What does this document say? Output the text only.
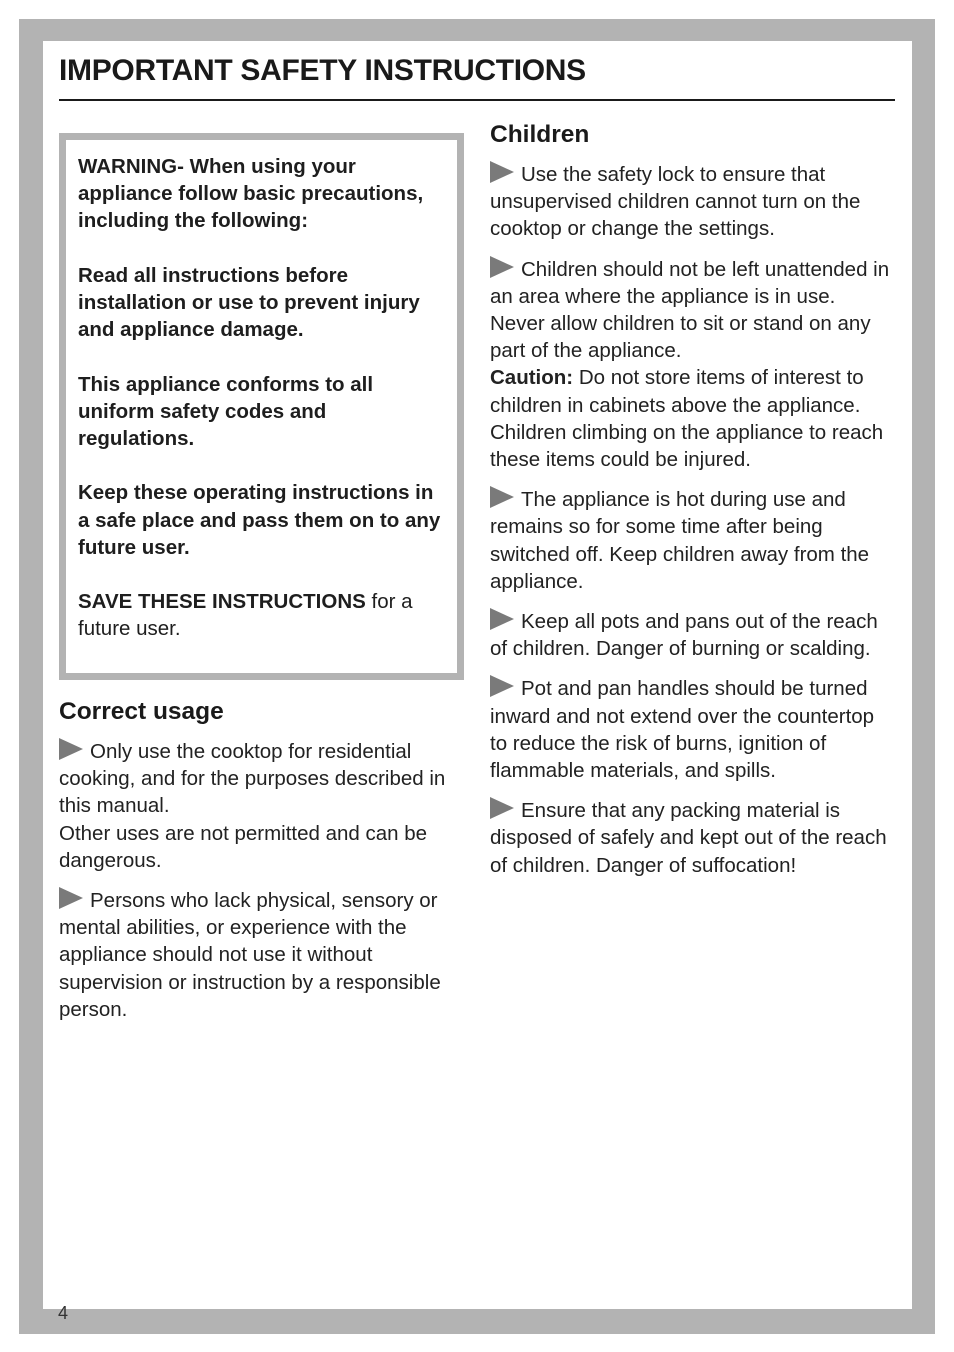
IMPORTANT SAFETY INSTRUCTIONS

WARNING- When using your appliance follow basic precautions, including the following:

Read all instructions before installation or use to prevent injury and appliance damage.

This appliance conforms to all uniform safety codes and regulations.

Keep these operating instructions in a safe place and pass them on to any future user.

SAVE THESE INSTRUCTIONS for a future user.

Correct usage

Only use the cooktop for residential cooking, and for the purposes described in this manual.

Other uses are not permitted and can be dangerous.

Persons who lack physical, sensory or mental abilities, or experience with the appliance should not use it without supervision or instruction by a responsible person.

Children

Use the safety lock to ensure that unsupervised children cannot turn on the cooktop or change the settings.

Children should not be left unattended in an area where the appliance is in use. Never allow children to sit or stand on any part of the appliance.

Caution: Do not store items of interest to children in cabinets above the appliance. Children climbing on the appliance to reach these items could be injured.

The appliance is hot during use and remains so for some time after being switched off. Keep children away from the appliance.

Keep all pots and pans out of the reach of children. Danger of burning or scalding.

Pot and pan handles should be turned inward and not extend over the countertop to reduce the risk of burns, ignition of flammable materials, and spills.

Ensure that any packing material is disposed of safely and kept out of the reach of children. Danger of suffocation!

4
